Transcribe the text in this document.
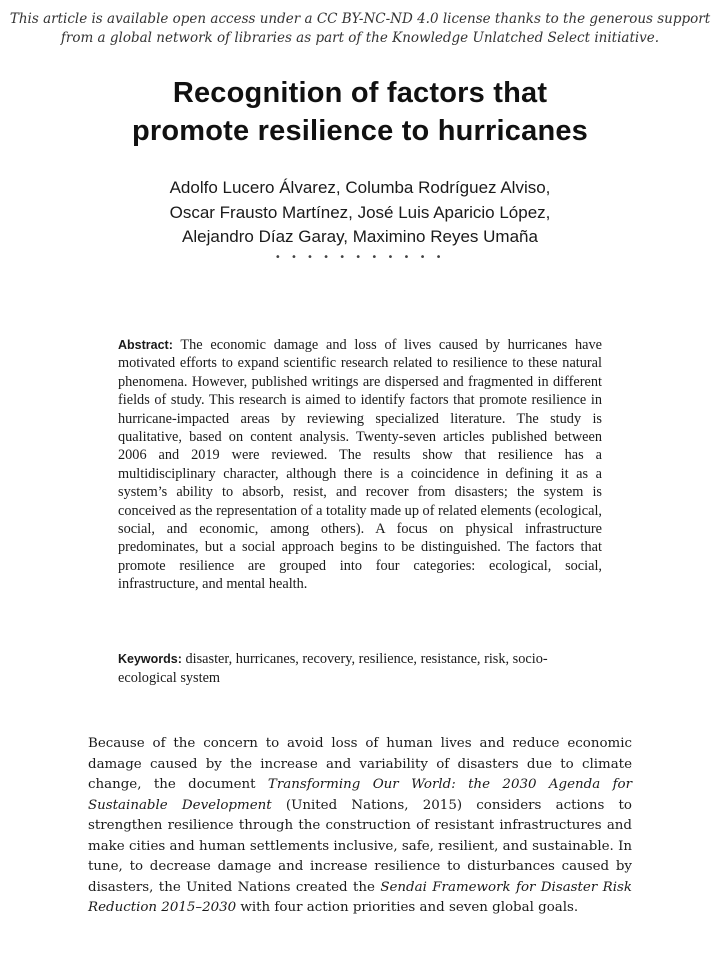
This article is available open access under a CC BY-NC-ND 4.0 license thanks to the generous support
from a global network of libraries as part of the Knowledge Unlatched Select initiative.
Recognition of factors that
promote resilience to hurricanes
Adolfo Lucero Álvarez, Columba Rodríguez Alviso,
Oscar Frausto Martínez, José Luis Aparicio López,
Alejandro Díaz Garay, Maximino Reyes Umaña
• • • • • • • • • • •
Abstract: The economic damage and loss of lives caused by hurricanes have motivated efforts to expand scientific research related to resilience to these natural phenomena. However, published writings are dispersed and fragmented in different fields of study. This research is aimed to identify factors that promote resilience in hurricane-impacted areas by reviewing specialized literature. The study is qualitative, based on content analysis. Twenty-seven articles published between 2006 and 2019 were reviewed. The results show that resilience has a multidisciplinary character, although there is a coincidence in defining it as a system’s ability to absorb, resist, and recover from disasters; the system is conceived as the representation of a totality made up of related elements (ecological, social, and economic, among others). A focus on physical infrastructure predominates, but a social approach begins to be distinguished. The factors that promote resilience are grouped into four categories: ecological, social, infrastructure, and mental health.
Keywords: disaster, hurricanes, recovery, resilience, resistance, risk, socio-ecological system
Because of the concern to avoid loss of human lives and reduce economic damage caused by the increase and variability of disasters due to climate change, the document Transforming Our World: the 2030 Agenda for Sustainable Development (United Nations, 2015) considers actions to strengthen resilience through the construction of resistant infrastructures and make cities and human settlements inclusive, safe, resilient, and sustainable. In tune, to decrease damage and increase resilience to disturbances caused by disasters, the United Nations created the Sendai Framework for Disaster Risk Reduction 2015–2030 with four action priorities and seven global goals.
